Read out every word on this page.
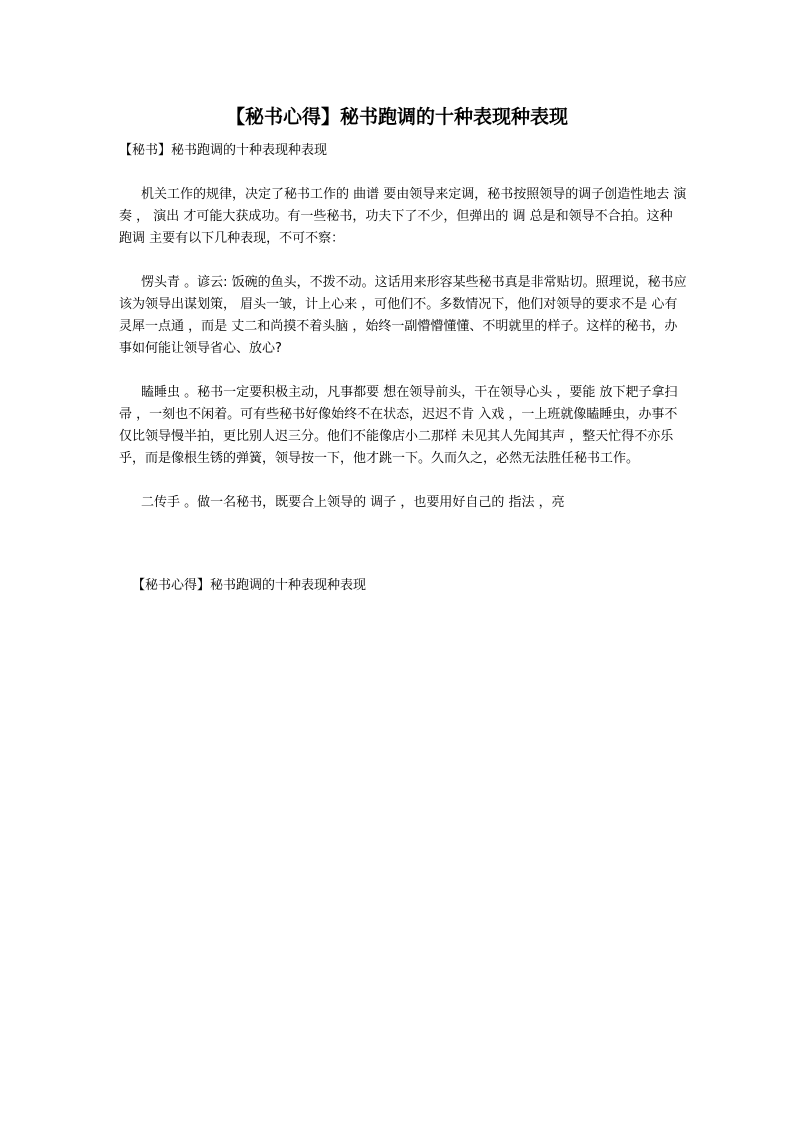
【秘书心得】秘书跑调的十种表现种表现

【秘书】秘书跑调的十种表现种表现

机关工作的规律，决定了秘书工作的 曲谱 要由领导来定调，秘书按照领导的调子创造性地去 演奏 ， 演出 才可能大获成功。有一些秘书，功夫下了不少，但弹出的 调 总是和领导不合拍。这种 跑调 主要有以下几种表现，不可不察：

愣头青 。谚云: 饭碗的鱼头，不拨不动。这话用来形容某些秘书真是非常贴切。照理说，秘书应该为领导出谋划策， 眉头一皱，计上心来 ，可他们不。多数情况下，他们对领导的要求不是 心有灵犀一点通 ，而是 丈二和尚摸不着头脑 ，始终一副懵懵懂懂、不明就里的样子。这样的秘书，办事如何能让领导省心、放心?

瞌睡虫 。秘书一定要积极主动，凡事都要 想在领导前头，干在领导心头 ，要能 放下耙子拿扫帚 ，一刻也不闲着。可有些秘书好像始终不在状态，迟迟不肯 入戏 ，一上班就像瞌睡虫，办事不仅比领导慢半拍，更比别人迟三分。他们不能像店小二那样 未见其人先闻其声 ，整天忙得不亦乐乎，而是像根生锈的弹簧，领导按一下，他才跳一下。久而久之，必然无法胜任秘书工作。

二传手 。做一名秘书，既要合上领导的 调子 ，也要用好自己的 指法 ，亮

【秘书心得】秘书跑调的十种表现种表现
